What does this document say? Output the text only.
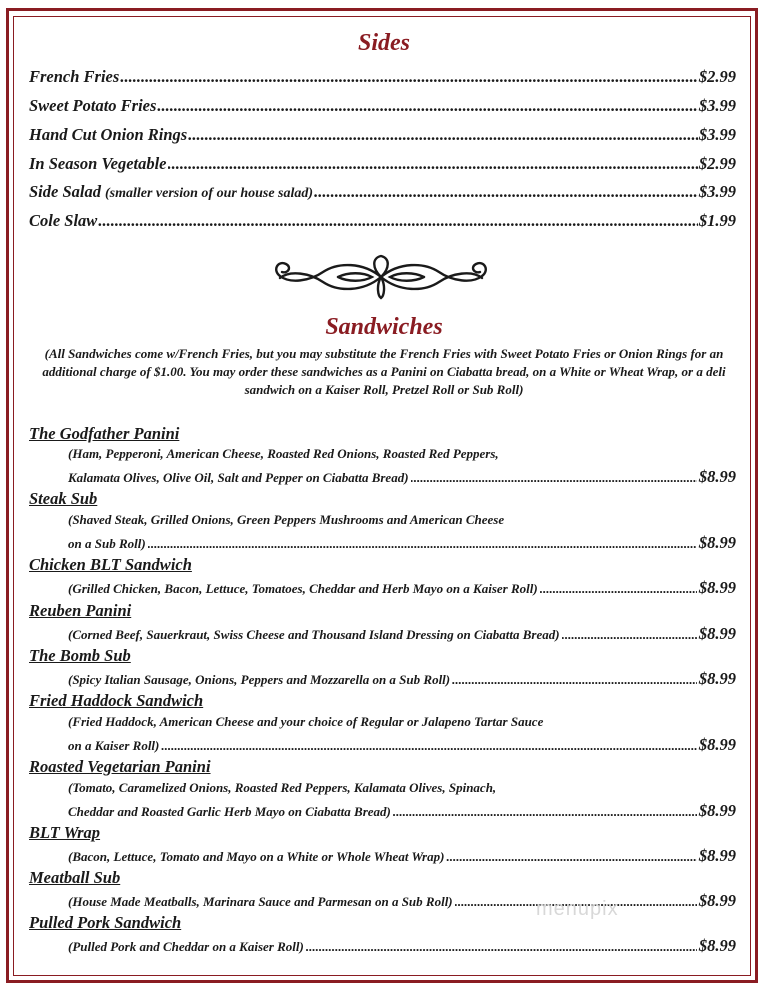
Sides
French Fries .....	$2.99
Sweet Potato Fries .....	$3.99
Hand Cut Onion Rings .....	$3.99
In Season Vegetable .....	$2.99
Side Salad (smaller version of our house salad) .....	$3.99
Cole Slaw .....	$1.99
Sandwiches
(All Sandwiches come w/French Fries, but you may substitute the French Fries with Sweet Potato Fries or Onion Rings for an additional charge of $1.00. You may order these sandwiches as a Panini on Ciabatta bread, on a White or Wheat Wrap, or a deli sandwich on a Kaiser Roll, Pretzel Roll or Sub Roll)
The Godfather Panini
(Ham, Pepperoni, American Cheese, Roasted Red Onions, Roasted Red Peppers,
Kalamata Olives, Olive Oil, Salt and Pepper on Ciabatta Bread) .....	$8.99
Steak Sub
(Shaved Steak, Grilled Onions, Green Peppers Mushrooms and American Cheese
on a Sub Roll) .....	$8.99
Chicken BLT Sandwich
(Grilled Chicken, Bacon, Lettuce, Tomatoes, Cheddar and Herb Mayo on a Kaiser Roll) .....	$8.99
Reuben Panini
(Corned Beef, Sauerkraut, Swiss Cheese and Thousand Island Dressing on Ciabatta Bread) .....	$8.99
The Bomb Sub
(Spicy Italian Sausage, Onions, Peppers and Mozzarella on a Sub Roll) .....	$8.99
Fried Haddock Sandwich
(Fried Haddock, American Cheese and your choice of Regular or Jalapeno Tartar Sauce
on a Kaiser Roll) .....	$8.99
Roasted Vegetarian Panini
(Tomato, Caramelized Onions, Roasted Red Peppers, Kalamata Olives, Spinach,
Cheddar and Roasted Garlic Herb Mayo on Ciabatta Bread) .....	$8.99
BLT Wrap
(Bacon, Lettuce, Tomato and Mayo on a White or Whole Wheat Wrap) .....	$8.99
Meatball Sub
(House Made Meatballs, Marinara Sauce and Parmesan on a Sub Roll) .....	$8.99
Pulled Pork Sandwich
(Pulled Pork and Cheddar on a Kaiser Roll) .....	$8.99
menupix
